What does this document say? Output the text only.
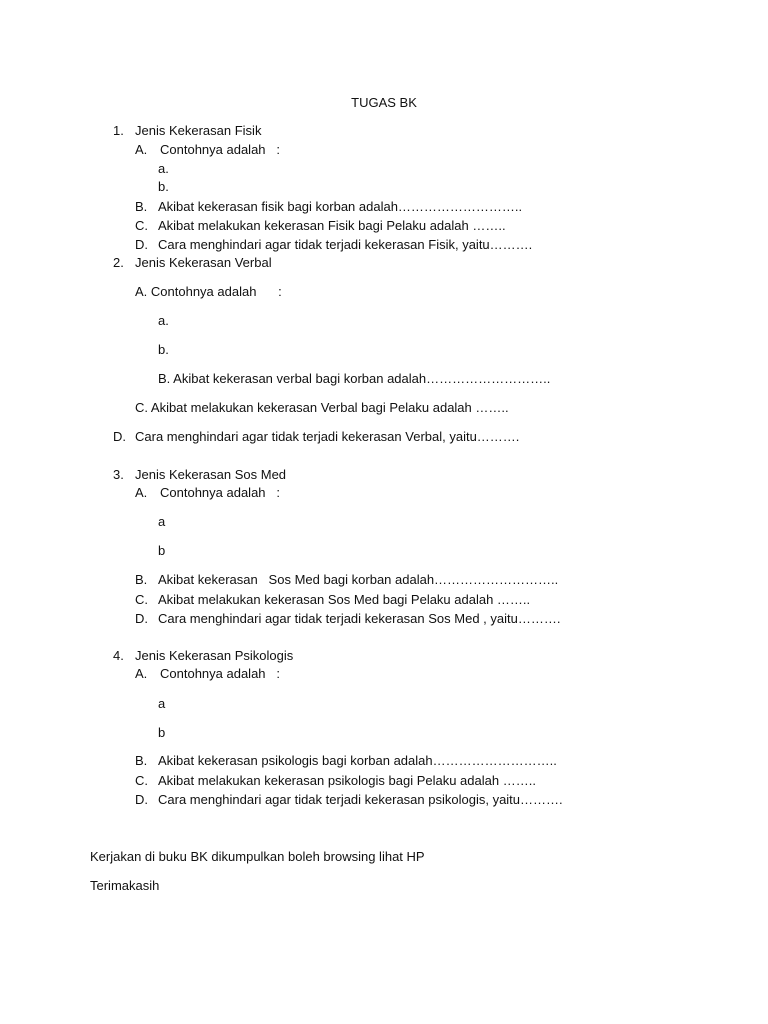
TUGAS BK
1. Jenis Kekerasan Fisik
A. Contohnya adalah   :
a.
b.
B. Akibat kekerasan fisik bagi korban adalah………………………..
C. Akibat melakukan kekerasan Fisik bagi Pelaku adalah ……..
D. Cara menghindari agar tidak terjadi kekerasan Fisik, yaitu……….
2. Jenis Kekerasan Verbal
A. Contohnya adalah      :
a.
b.
B. Akibat kekerasan verbal bagi korban adalah………………………..
C. Akibat melakukan kekerasan Verbal bagi Pelaku adalah ……..
D. Cara menghindari agar tidak terjadi kekerasan Verbal, yaitu……….
3. Jenis Kekerasan Sos Med
A. Contohnya adalah   :
a
b
B. Akibat kekerasan   Sos Med bagi korban adalah………………………..
C. Akibat melakukan kekerasan Sos Med bagi Pelaku adalah ……..
D. Cara menghindari agar tidak terjadi kekerasan Sos Med , yaitu……….
4. Jenis Kekerasan Psikologis
A. Contohnya adalah   :
a
b
B. Akibat kekerasan psikologis bagi korban adalah………………………..
C. Akibat melakukan kekerasan psikologis bagi Pelaku adalah ……..
D. Cara menghindari agar tidak terjadi kekerasan psikologis, yaitu……….
Kerjakan di buku BK dikumpulkan boleh browsing lihat HP
Terimakasih
